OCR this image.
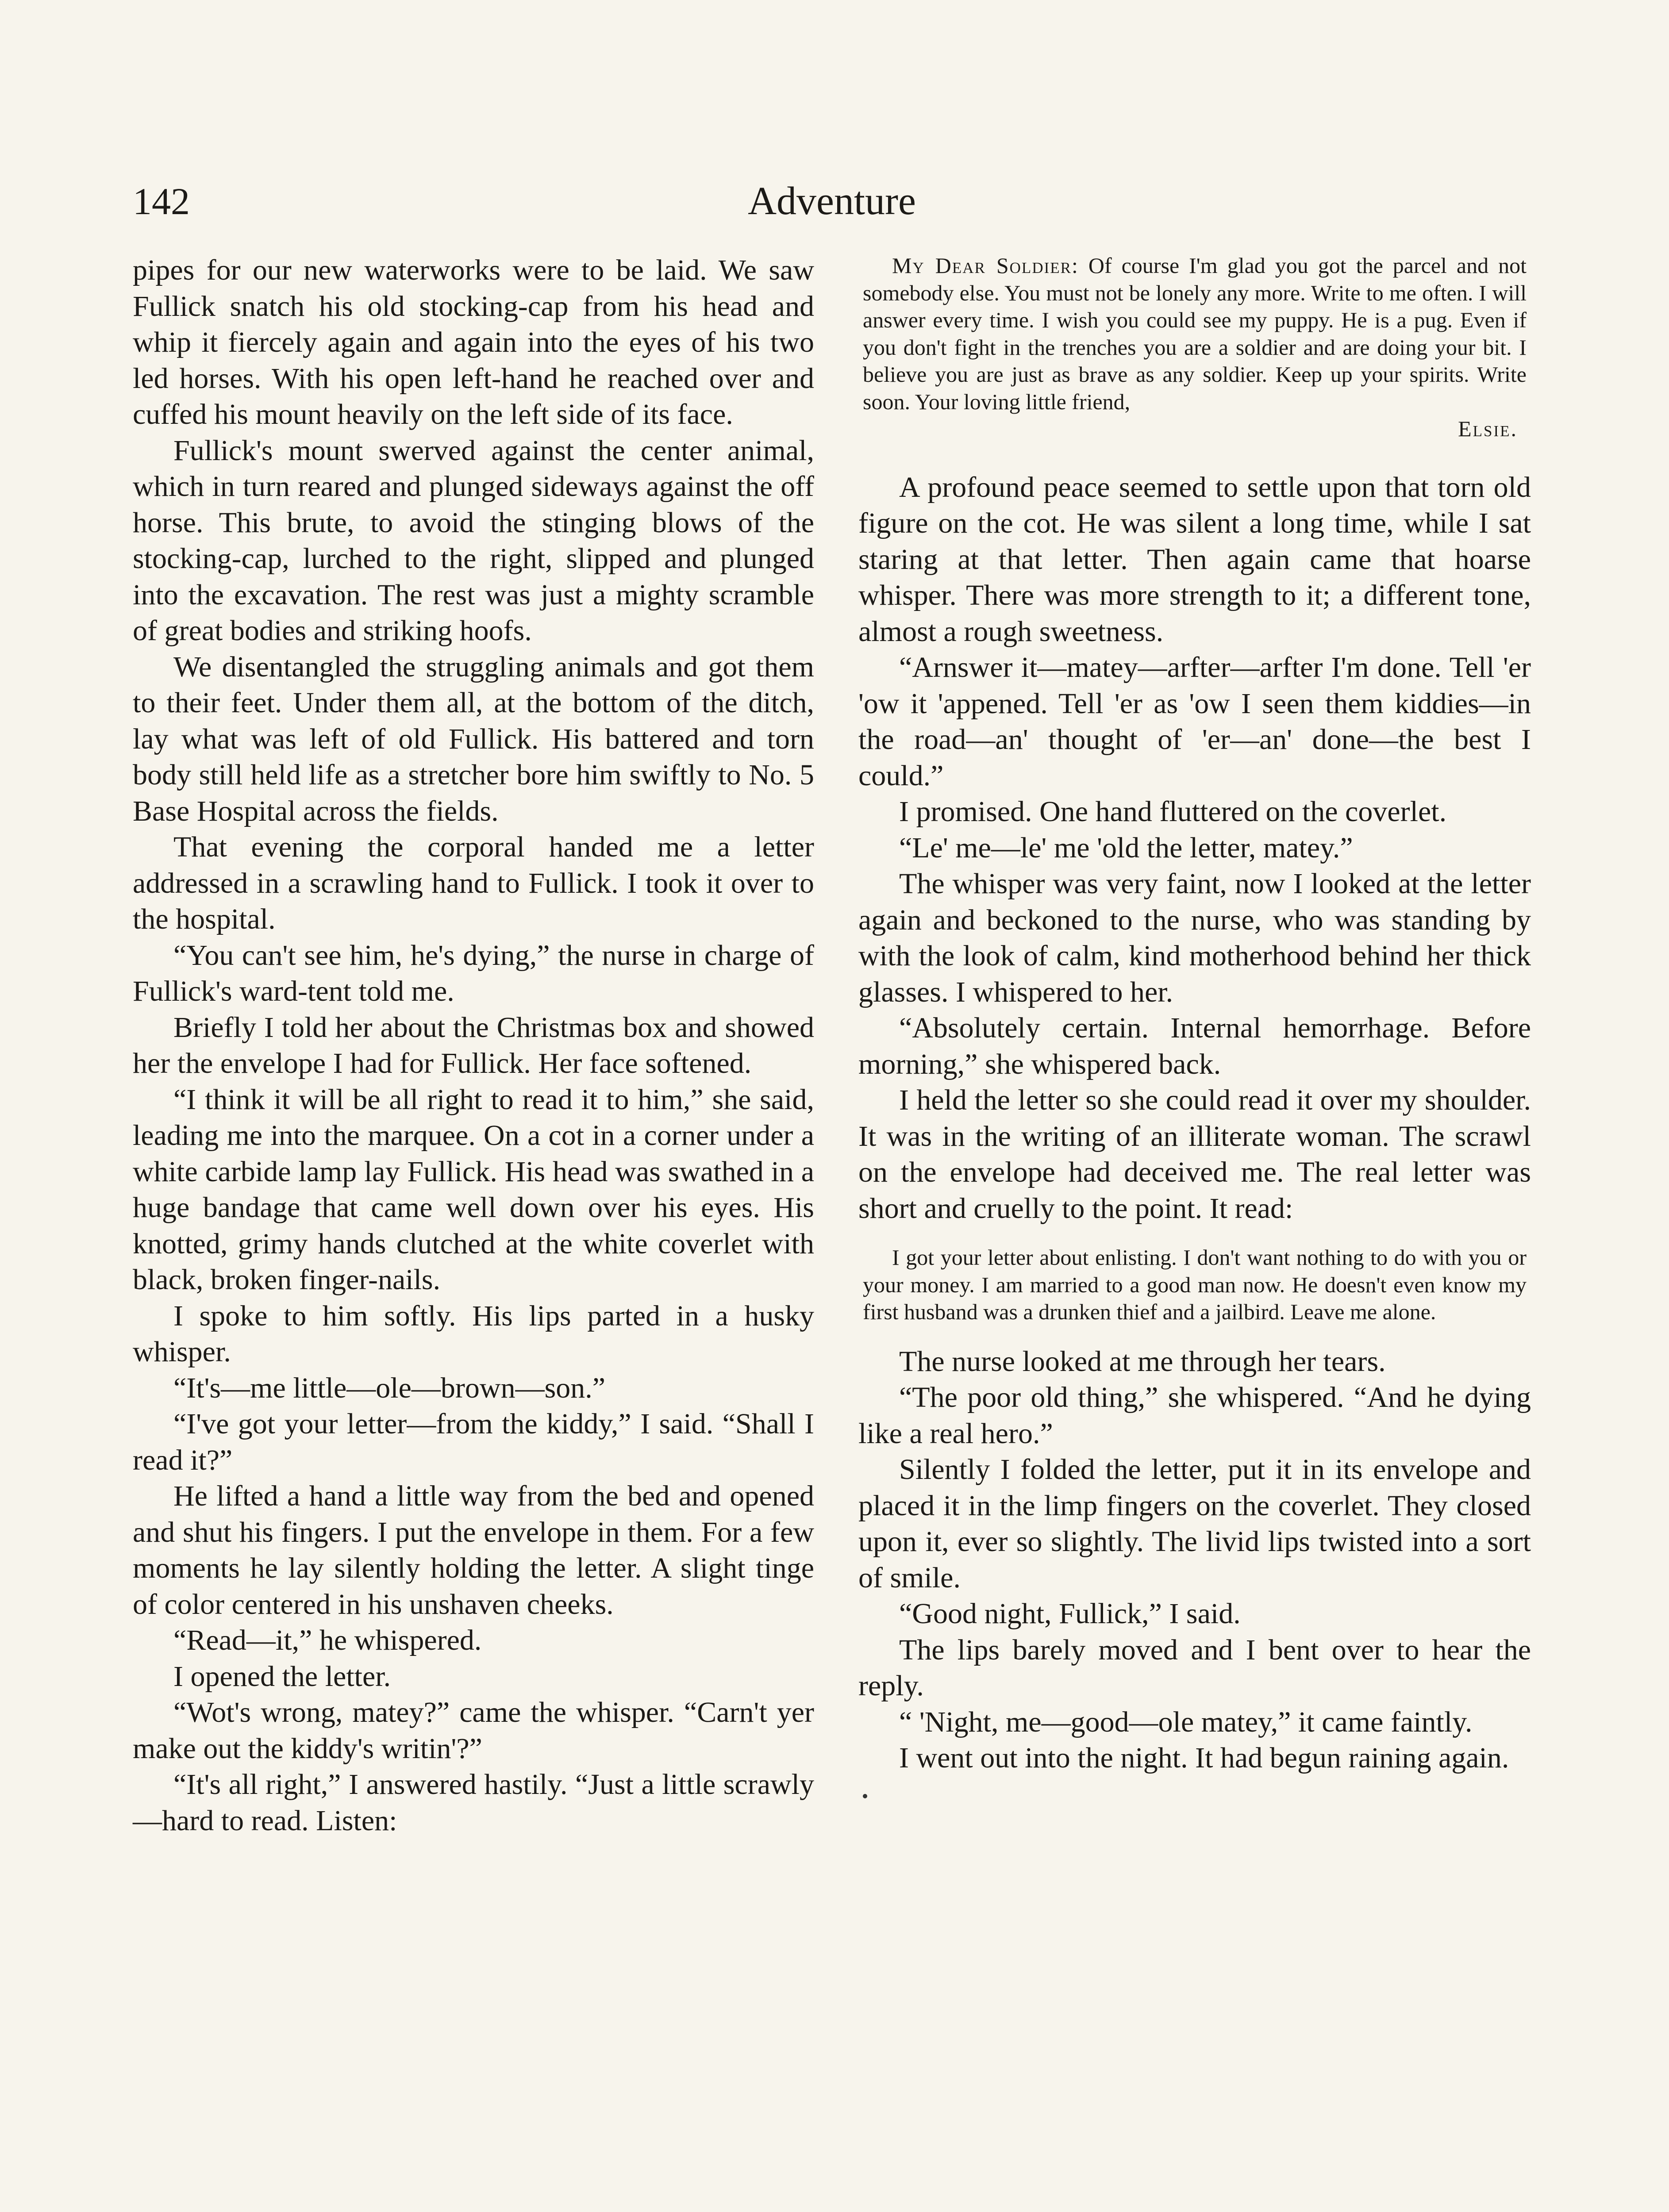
142	Adventure

pipes for our new waterworks were to be laid. We saw Fullick snatch his old stocking-cap from his head and whip it fiercely again and again into the eyes of his two led horses. With his open left-hand he reached over and cuffed his mount heavily on the left side of its face.

Fullick's mount swerved against the center animal, which in turn reared and plunged sideways against the off horse. This brute, to avoid the stinging blows of the stocking-cap, lurched to the right, slipped and plunged into the excavation. The rest was just a mighty scramble of great bodies and striking hoofs.

We disentangled the struggling animals and got them to their feet. Under them all, at the bottom of the ditch, lay what was left of old Fullick. His battered and torn body still held life as a stretcher bore him swiftly to No. 5 Base Hospital across the fields.

That evening the corporal handed me a letter addressed in a scrawling hand to Fullick. I took it over to the hospital.

“You can't see him, he's dying,” the nurse in charge of Fullick's ward-tent told me.

Briefly I told her about the Christmas box and showed her the envelope I had for Fullick. Her face softened.

“I think it will be all right to read it to him,” she said, leading me into the marquee. On a cot in a corner under a white carbide lamp lay Fullick. His head was swathed in a huge bandage that came well down over his eyes. His knotted, grimy hands clutched at the white coverlet with black, broken finger-nails.

I spoke to him softly. His lips parted in a husky whisper.

“It's—me little—ole—brown—son.”

“I've got your letter—from the kiddy,” I said. “Shall I read it?”

He lifted a hand a little way from the bed and opened and shut his fingers. I put the envelope in them. For a few moments he lay silently holding the letter. A slight tinge of color centered in his unshaven cheeks.

“Read—it,” he whispered.

I opened the letter.

“Wot's wrong, matey?” came the whisper. “Carn't yer make out the kiddy's writin'?”

“It's all right,” I answered hastily. “Just a little scrawly—hard to read. Listen:

My Dear Soldier: Of course I'm glad you got the parcel and not somebody else. You must not be lonely any more. Write to me often. I will answer every time. I wish you could see my puppy. He is a pug. Even if you don't fight in the trenches you are a soldier and are doing your bit. I believe you are just as brave as any soldier. Keep up your spirits. Write soon. Your loving little friend,

Elsie.

A profound peace seemed to settle upon that torn old figure on the cot. He was silent a long time, while I sat staring at that letter. Then again came that hoarse whisper. There was more strength to it; a different tone, almost a rough sweetness.

“Arnswer it—matey—arfter—arfter I'm done. Tell 'er 'ow it 'appened. Tell 'er as 'ow I seen them kiddies—in the road—an' thought of 'er—an' done—the best I could.”

I promised. One hand fluttered on the coverlet.

“Le' me—le' me 'old the letter, matey.”

The whisper was very faint, now I looked at the letter again and beckoned to the nurse, who was standing by with the look of calm, kind motherhood behind her thick glasses. I whispered to her.

“Absolutely certain. Internal hemorrhage. Before morning,” she whispered back.

I held the letter so she could read it over my shoulder. It was in the writing of an illiterate woman. The scrawl on the envelope had deceived me. The real letter was short and cruelly to the point. It read:

I got your letter about enlisting. I don't want nothing to do with you or your money. I am married to a good man now. He doesn't even know my first husband was a drunken thief and a jailbird. Leave me alone.

The nurse looked at me through her tears.

“The poor old thing,” she whispered. “And he dying like a real hero.”

Silently I folded the letter, put it in its envelope and placed it in the limp fingers on the coverlet. They closed upon it, ever so slightly. The livid lips twisted into a sort of smile.

“Good night, Fullick,” I said.

The lips barely moved and I bent over to hear the reply.

“ 'Night, me—good—ole matey,” it came faintly.

I went out into the night. It had begun raining again.
